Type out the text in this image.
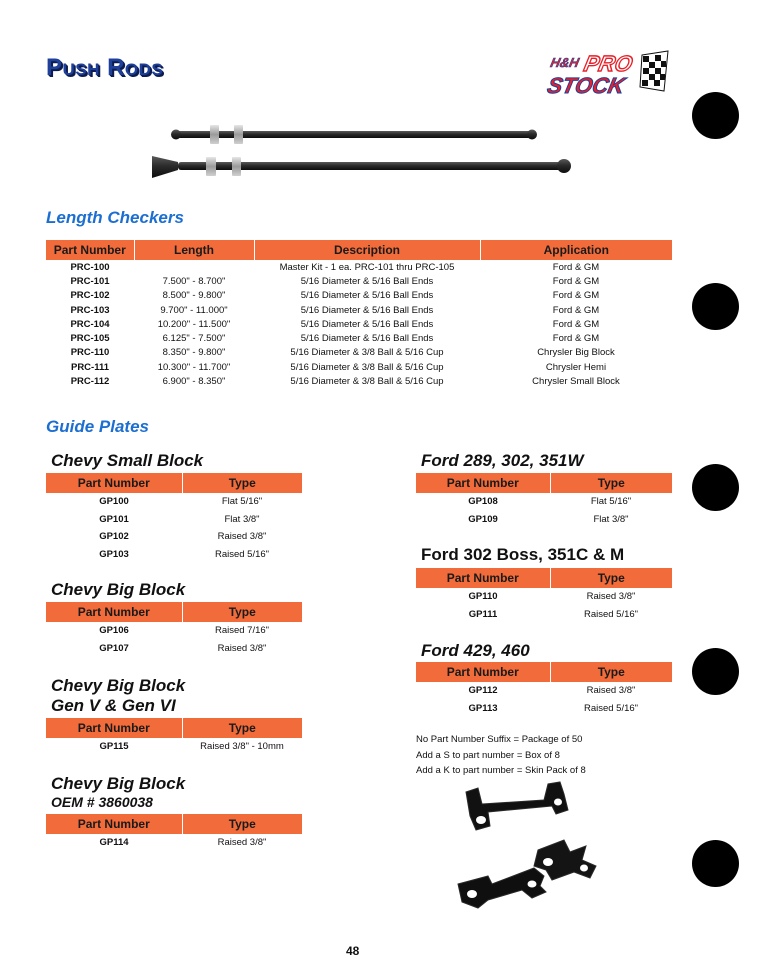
Push Rods	H&H PRO
STOCK
Length Checkers
Part Number	Length	Description	Application
PRC-100		Master Kit - 1 ea. PRC-101 thru PRC-105	Ford & GM
PRC-101	7.500" - 8.700"	5/16 Diameter & 5/16 Ball Ends	Ford & GM
PRC-102	8.500" - 9.800"	5/16 Diameter & 5/16 Ball Ends	Ford & GM
PRC-103	9.700" - 11.000"	5/16 Diameter & 5/16 Ball Ends	Ford & GM
PRC-104	10.200" - 11.500"	5/16 Diameter & 5/16 Ball Ends	Ford & GM
PRC-105	6.125" - 7.500"	5/16 Diameter & 5/16 Ball Ends	Ford & GM
PRC-110	8.350" - 9.800"	5/16 Diameter & 3/8 Ball & 5/16 Cup	Chrysler Big Block
PRC-111	10.300" - 11.700"	5/16 Diameter & 3/8 Ball & 5/16 Cup	Chrysler Hemi
PRC-112	6.900" - 8.350"	5/16 Diameter & 3/8 Ball & 5/16 Cup	Chrysler Small Block
Guide Plates
Chevy Small Block
Part Number	Type
GP100	Flat 5/16"
GP101	Flat 3/8"
GP102	Raised 3/8"
GP103	Raised 5/16"
Chevy Big Block
Part Number	Type
GP106	Raised 7/16"
GP107	Raised 3/8"
Chevy Big Block
Gen V & Gen VI
Part Number	Type
GP115	Raised 3/8" - 10mm
Chevy Big Block
OEM # 3860038
Part Number	Type
GP114	Raised 3/8"
Ford 289, 302, 351W
Part Number	Type
GP108	Flat 5/16"
GP109	Flat 3/8"
Ford 302 Boss, 351C & M
Part Number	Type
GP110	Raised 3/8"
GP111	Raised 5/16"
Ford 429, 460
Part Number	Type
GP112	Raised 3/8"
GP113	Raised 5/16"
No Part Number Suffix = Package of 50
Add a S to part number = Box of 8
Add a K to part number = Skin Pack of 8
48
